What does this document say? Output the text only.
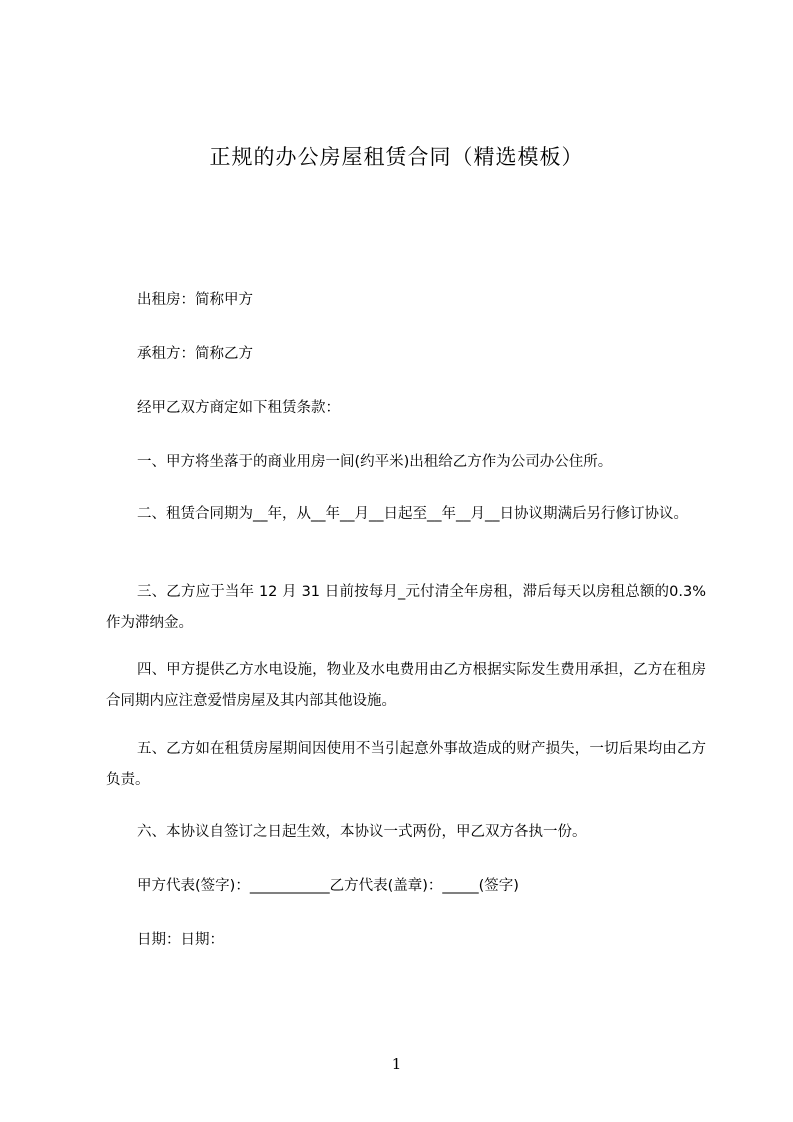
正规的办公房屋租赁合同（精选模板）

出租房：简称甲方

承租方：简称乙方

经甲乙双方商定如下租赁条款：

一、甲方将坐落于的商业用房一间(约平米)出租给乙方作为公司办公住所。

二、租赁合同期为__年，从__年__月__日起至__年__月__日协议期满后另行修订协议。

三、乙方应于当年 12 月 31 日前按每月_元付清全年房租，滞后每天以房租总额的0.3%作为滞纳金。

四、甲方提供乙方水电设施，物业及水电费用由乙方根据实际发生费用承担，乙方在租房合同期内应注意爱惜房屋及其内部其他设施。

五、乙方如在租赁房屋期间因使用不当引起意外事故造成的财产损失，一切后果均由乙方负责。

六、本协议自签订之日起生效，本协议一式两份，甲乙双方各执一份。

甲方代表(签字)：___________乙方代表(盖章)：_____(签字)

日期：日期：

1
